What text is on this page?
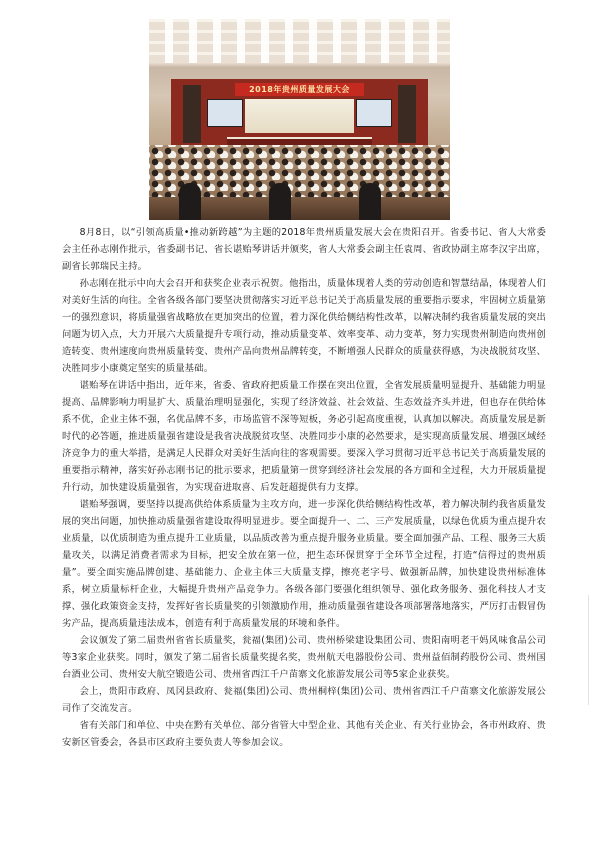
2018年贵州质量发展大会

8月8日，以“引领高质量•推动新跨越”为主题的2018年贵州质量发展大会在贵阳召开。省委书记、省人大常委会主任孙志刚作批示，省委副书记、省长谌贻琴讲话并颁奖，省人大常委会副主任袁周、省政协副主席李汉宇出席，副省长郭瑞民主持。

孙志刚在批示中向大会召开和获奖企业表示祝贺。他指出，质量体现着人类的劳动创造和智慧结晶，体现着人们对美好生活的向往。全省各级各部门要坚决贯彻落实习近平总书记关于高质量发展的重要指示要求，牢固树立质量第一的强烈意识，将质量强省战略放在更加突出的位置，着力深化供给侧结构性改革，以解决制约我省质量发展的突出问题为切入点，大力开展六大质量提升专项行动，推动质量变革、效率变革、动力变革，努力实现贵州制造向贵州创造转变、贵州速度向贵州质量转变、贵州产品向贵州品牌转变，不断增强人民群众的质量获得感，为决战脱贫攻坚、决胜同步小康奠定坚实的质量基础。

谌贻琴在讲话中指出，近年来，省委、省政府把质量工作摆在突出位置，全省发展质量明显提升、基础能力明显提高、品牌影响力明显扩大、质量治理明显强化，实现了经济效益、社会效益、生态效益齐头并进，但也存在供给体系不优，企业主体不强，名优品牌不多，市场监管不深等短板，务必引起高度重视，认真加以解决。高质量发展是新时代的必答题，推进质量强省建设是我省决战脱贫攻坚、决胜同步小康的必然要求，是实现高质量发展、增强区域经济竞争力的重大举措，是满足人民群众对美好生活向往的客观需要。要深入学习贯彻习近平总书记关于高质量发展的重要指示精神，落实好孙志刚书记的批示要求，把质量第一贯穿到经济社会发展的各方面和全过程，大力开展质量提升行动，加快建设质量强省，为实现奋进取喜、后发赶超提供有力支撑。

谌贻琴强调，要坚持以提高供给体系质量为主攻方向，进一步深化供给侧结构性改革，着力解决制约我省质量发展的突出问题，加快推动质量强省建设取得明显进步。要全面提升一、二、三产发展质量，以绿色优质为重点提升农业质量，以优质制造为重点提升工业质量，以品质改善为重点提升服务业质量。要全面加强产品、工程、服务三大质量攻关，以满足消费者需求为目标，把安全放在第一位，把生态环保贯穿于全环节全过程，打造“信得过的贵州质量”。要全面实施品牌创建、基础能力、企业主体三大质量支撑，擦亮老字号、做强新品牌，加快建设贵州标准体系，树立质量标杆企业，大幅提升贵州产品竞争力。各级各部门要强化组织领导、强化政务服务、强化科技人才支撑、强化政策资金支持，发挥好省长质量奖的引领激励作用，推动质量强省建设各项部署落地落实，严厉打击假冒伪劣产品，提高质量违法成本，创造有利于高质量发展的环境和条件。

会议颁发了第二届贵州省省长质量奖，瓮福(集团)公司、贵州桥梁建设集团公司、贵阳南明老干妈风味食品公司等3家企业获奖。同时，颁发了第二届省长质量奖提名奖，贵州航天电器股份公司、贵州益佰制药股份公司、贵州国台酒业公司、贵州安大航空锻造公司、贵州省西江千户苗寨文化旅游发展公司等5家企业获奖。

会上，贵阳市政府、凤冈县政府、瓮福(集团)公司、贵州桐梓(集团)公司、贵州省西江千户苗寨文化旅游发展公司作了交流发言。

省有关部门和单位、中央在黔有关单位、部分省管大中型企业、其他有关企业、有关行业协会，各市州政府、贵安新区管委会，各县市区政府主要负责人等参加会议。
